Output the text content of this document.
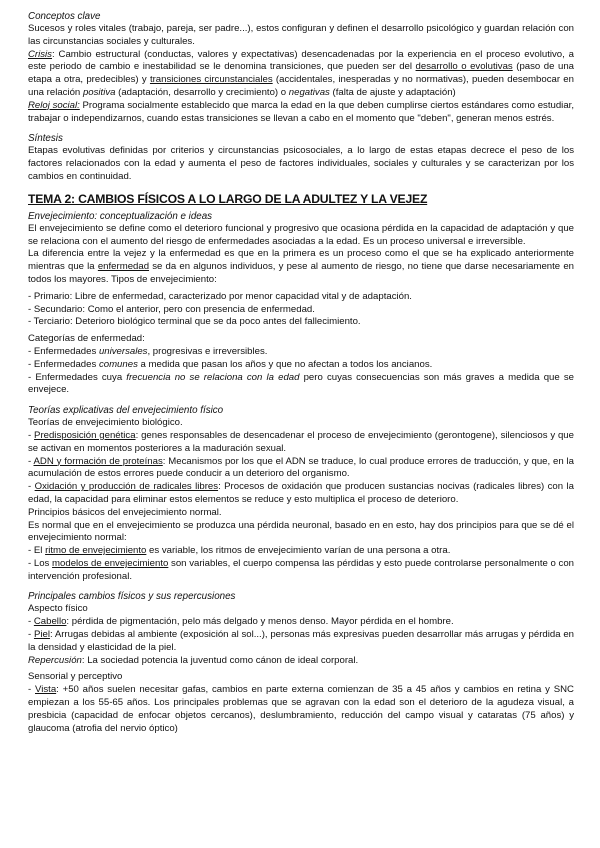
Conceptos clave

Sucesos y roles vitales (trabajo, pareja, ser padre...), estos configuran y definen el desarrollo psicológico y guardan relación con las circunstancias sociales y culturales.

Crisis: Cambio estructural (conductas, valores y expectativas) desencadenadas por la experiencia en el proceso evolutivo, a este periodo de cambio e inestabilidad se le denomina transiciones, que pueden ser del desarrollo o evolutivas (paso de una etapa a otra, predecibles) y transiciones circunstanciales (accidentales, inesperadas y no normativas), pueden desembocar en una relación positiva (adaptación, desarrollo y crecimiento) o negativas (falta de ajuste y adaptación)

Reloj social: Programa socialmente establecido que marca la edad en la que deben cumplirse ciertos estándares como estudiar, trabajar o independizarnos, cuando estas transiciones se llevan a cabo en el momento que "deben", generan menos estrés.

Síntesis

Etapas evolutivas definidas por criterios y circunstancias psicosociales, a lo largo de estas etapas decrece el peso de los factores relacionados con la edad y aumenta el peso de factores individuales, sociales y culturales y se caracterizan por los cambios en continuidad.

TEMA 2: CAMBIOS FÍSICOS A LO LARGO DE LA ADULTEZ Y LA VEJEZ

Envejecimiento: conceptualización e ideas

El envejecimiento se define como el deterioro funcional y progresivo que ocasiona pérdida en la capacidad de adaptación y que se relaciona con el aumento del riesgo de enfermedades asociadas a la edad. Es un proceso universal e irreversible.

La diferencia entre la vejez y la enfermedad es que en la primera es un proceso como el que se ha explicado anteriormente mientras que la enfermedad se da en algunos individuos, y pese al aumento de riesgo, no tiene que darse necesariamente en todos los mayores. Tipos de envejecimiento:

- Primario: Libre de enfermedad, caracterizado por menor capacidad vital y de adaptación.

- Secundario: Como el anterior, pero con presencia de enfermedad.

- Terciario: Deterioro biológico terminal que se da poco antes del fallecimiento.

Categorías de enfermedad:

- Enfermedades universales, progresivas e irreversibles.

- Enfermedades comunes a medida que pasan los años y que no afectan a todos los ancianos.

- Enfermedades cuya frecuencia no se relaciona con la edad pero cuyas consecuencias son más graves a medida que se envejece.

Teorías explicativas del envejecimiento físico

Teorías de envejecimiento biológico.

- Predisposición genética: genes responsables de desencadenar el proceso de envejecimiento (gerontogene), silenciosos y que se activan en momentos posteriores a la maduración sexual.

- ADN y formación de proteínas: Mecanismos por los que el ADN se traduce, lo cual produce errores de traducción, y que, en la acumulación de estos errores puede conducir a un deterioro del organismo.

- Oxidación y producción de radicales libres: Procesos de oxidación que producen sustancias nocivas (radicales libres) con la edad, la capacidad para eliminar estos elementos se reduce y esto multiplica el proceso de deterioro.

Principios básicos del envejecimiento normal.

Es normal que en el envejecimiento se produzca una pérdida neuronal, basado en en esto, hay dos principios para que se dé el envejecimiento normal:

- El ritmo de envejecimiento es variable, los ritmos de envejecimiento varían de una persona a otra.

- Los modelos de envejecimiento son variables, el cuerpo compensa las pérdidas y esto puede controlarse personalmente o con intervención profesional.

Principales cambios físicos y sus repercusiones

Aspecto físico

- Cabello: pérdida de pigmentación, pelo más delgado y menos denso. Mayor pérdida en el hombre.

- Piel: Arrugas debidas al ambiente (exposición al sol...), personas más expresivas pueden desarrollar más arrugas y pérdida en la densidad y elasticidad de la piel.

Repercusión: La sociedad potencia la juventud como cánon de ideal corporal.

Sensorial y perceptivo

- Vista: +50 años suelen necesitar gafas, cambios en parte externa comienzan de 35 a 45 años y cambios en retina y SNC empiezan a los 55-65 años. Los principales problemas que se agravan con la edad son el deterioro de la agudeza visual, a presbicia (capacidad de enfocar objetos cercanos), deslumbramiento, reducción del campo visual y cataratas (75 años) y glaucoma (atrofia del nervio óptico)
